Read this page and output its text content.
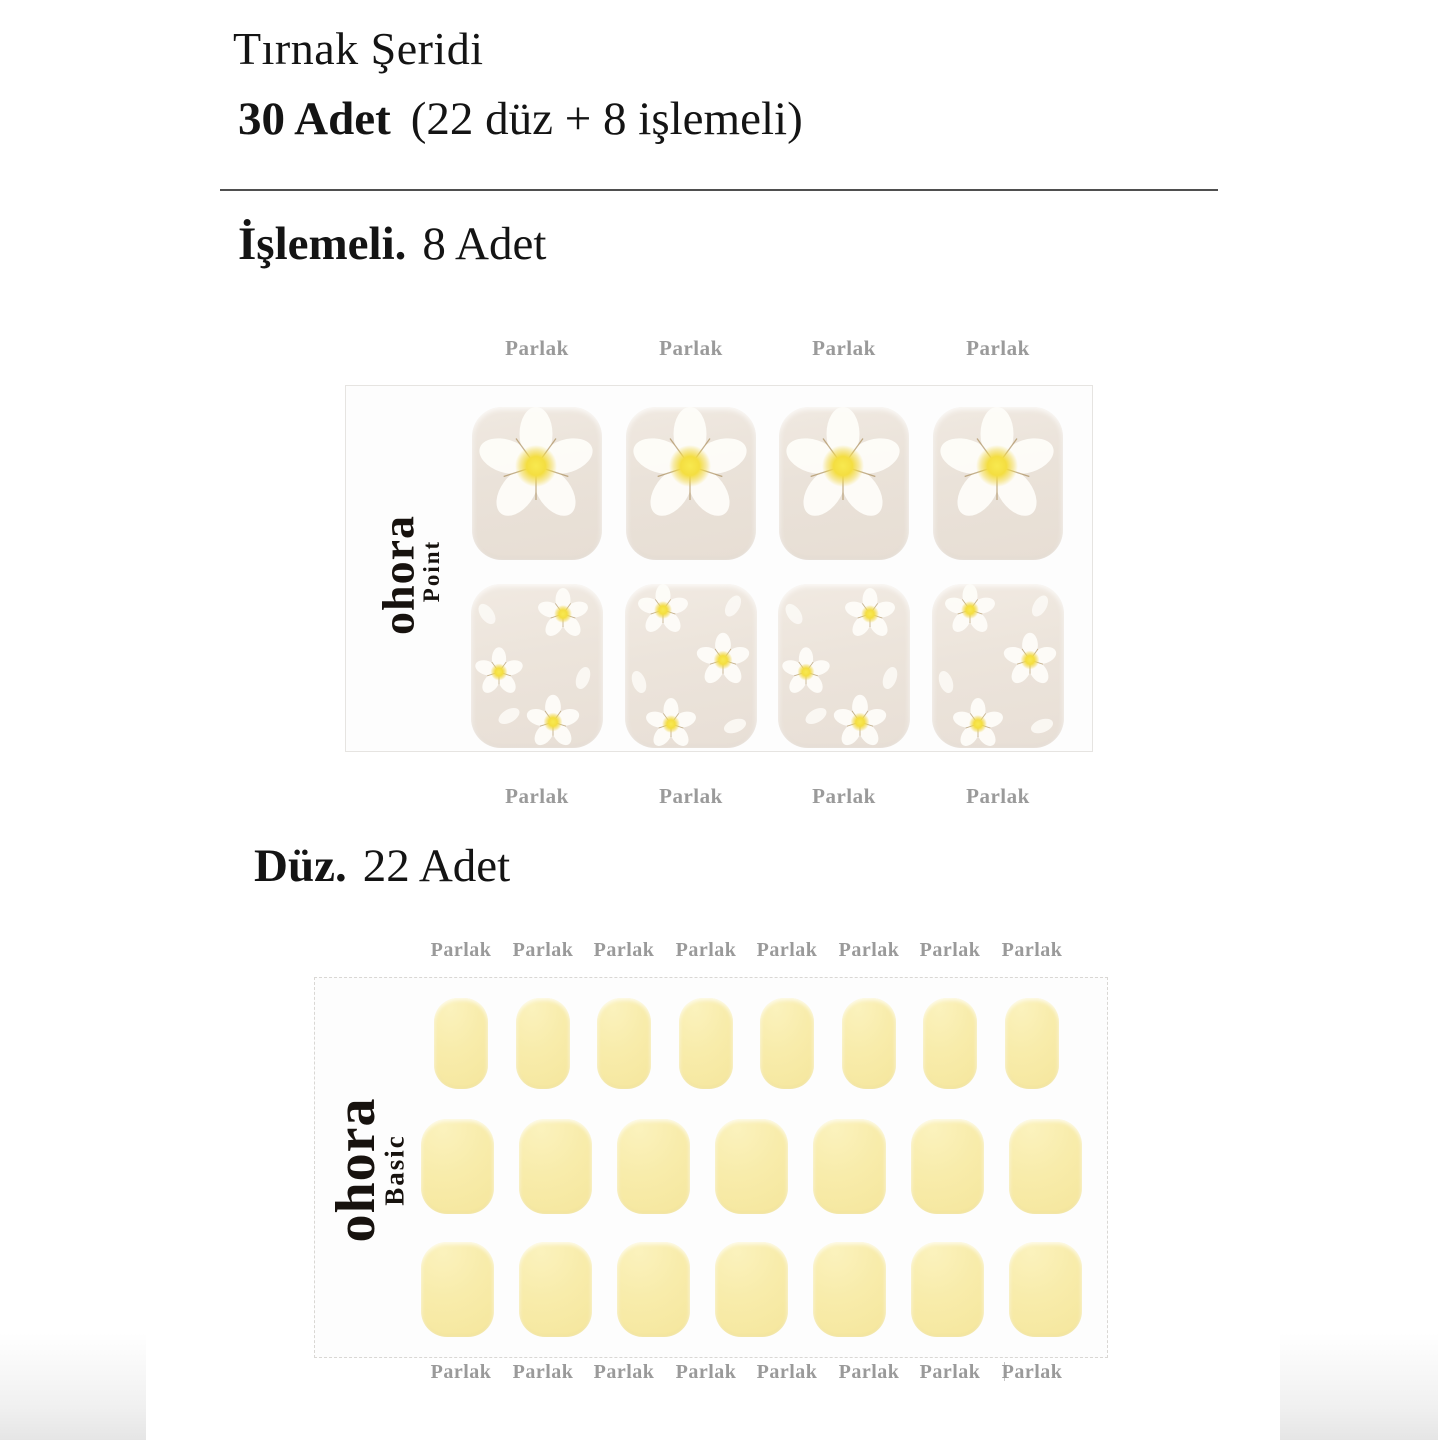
Tırnak Şeridi
30 Adet (22 düz + 8 işlemeli)
İşlemeli. 8 Adet
Parlak	Parlak	Parlak	Parlak
ohora
Point
Parlak	Parlak	Parlak	Parlak
Düz. 22 Adet
Parlak	Parlak	Parlak	Parlak	Parlak	Parlak	Parlak	Parlak
ohora
Basic
Parlak	Parlak	Parlak	Parlak	Parlak	Parlak	Parlak	Parlak
